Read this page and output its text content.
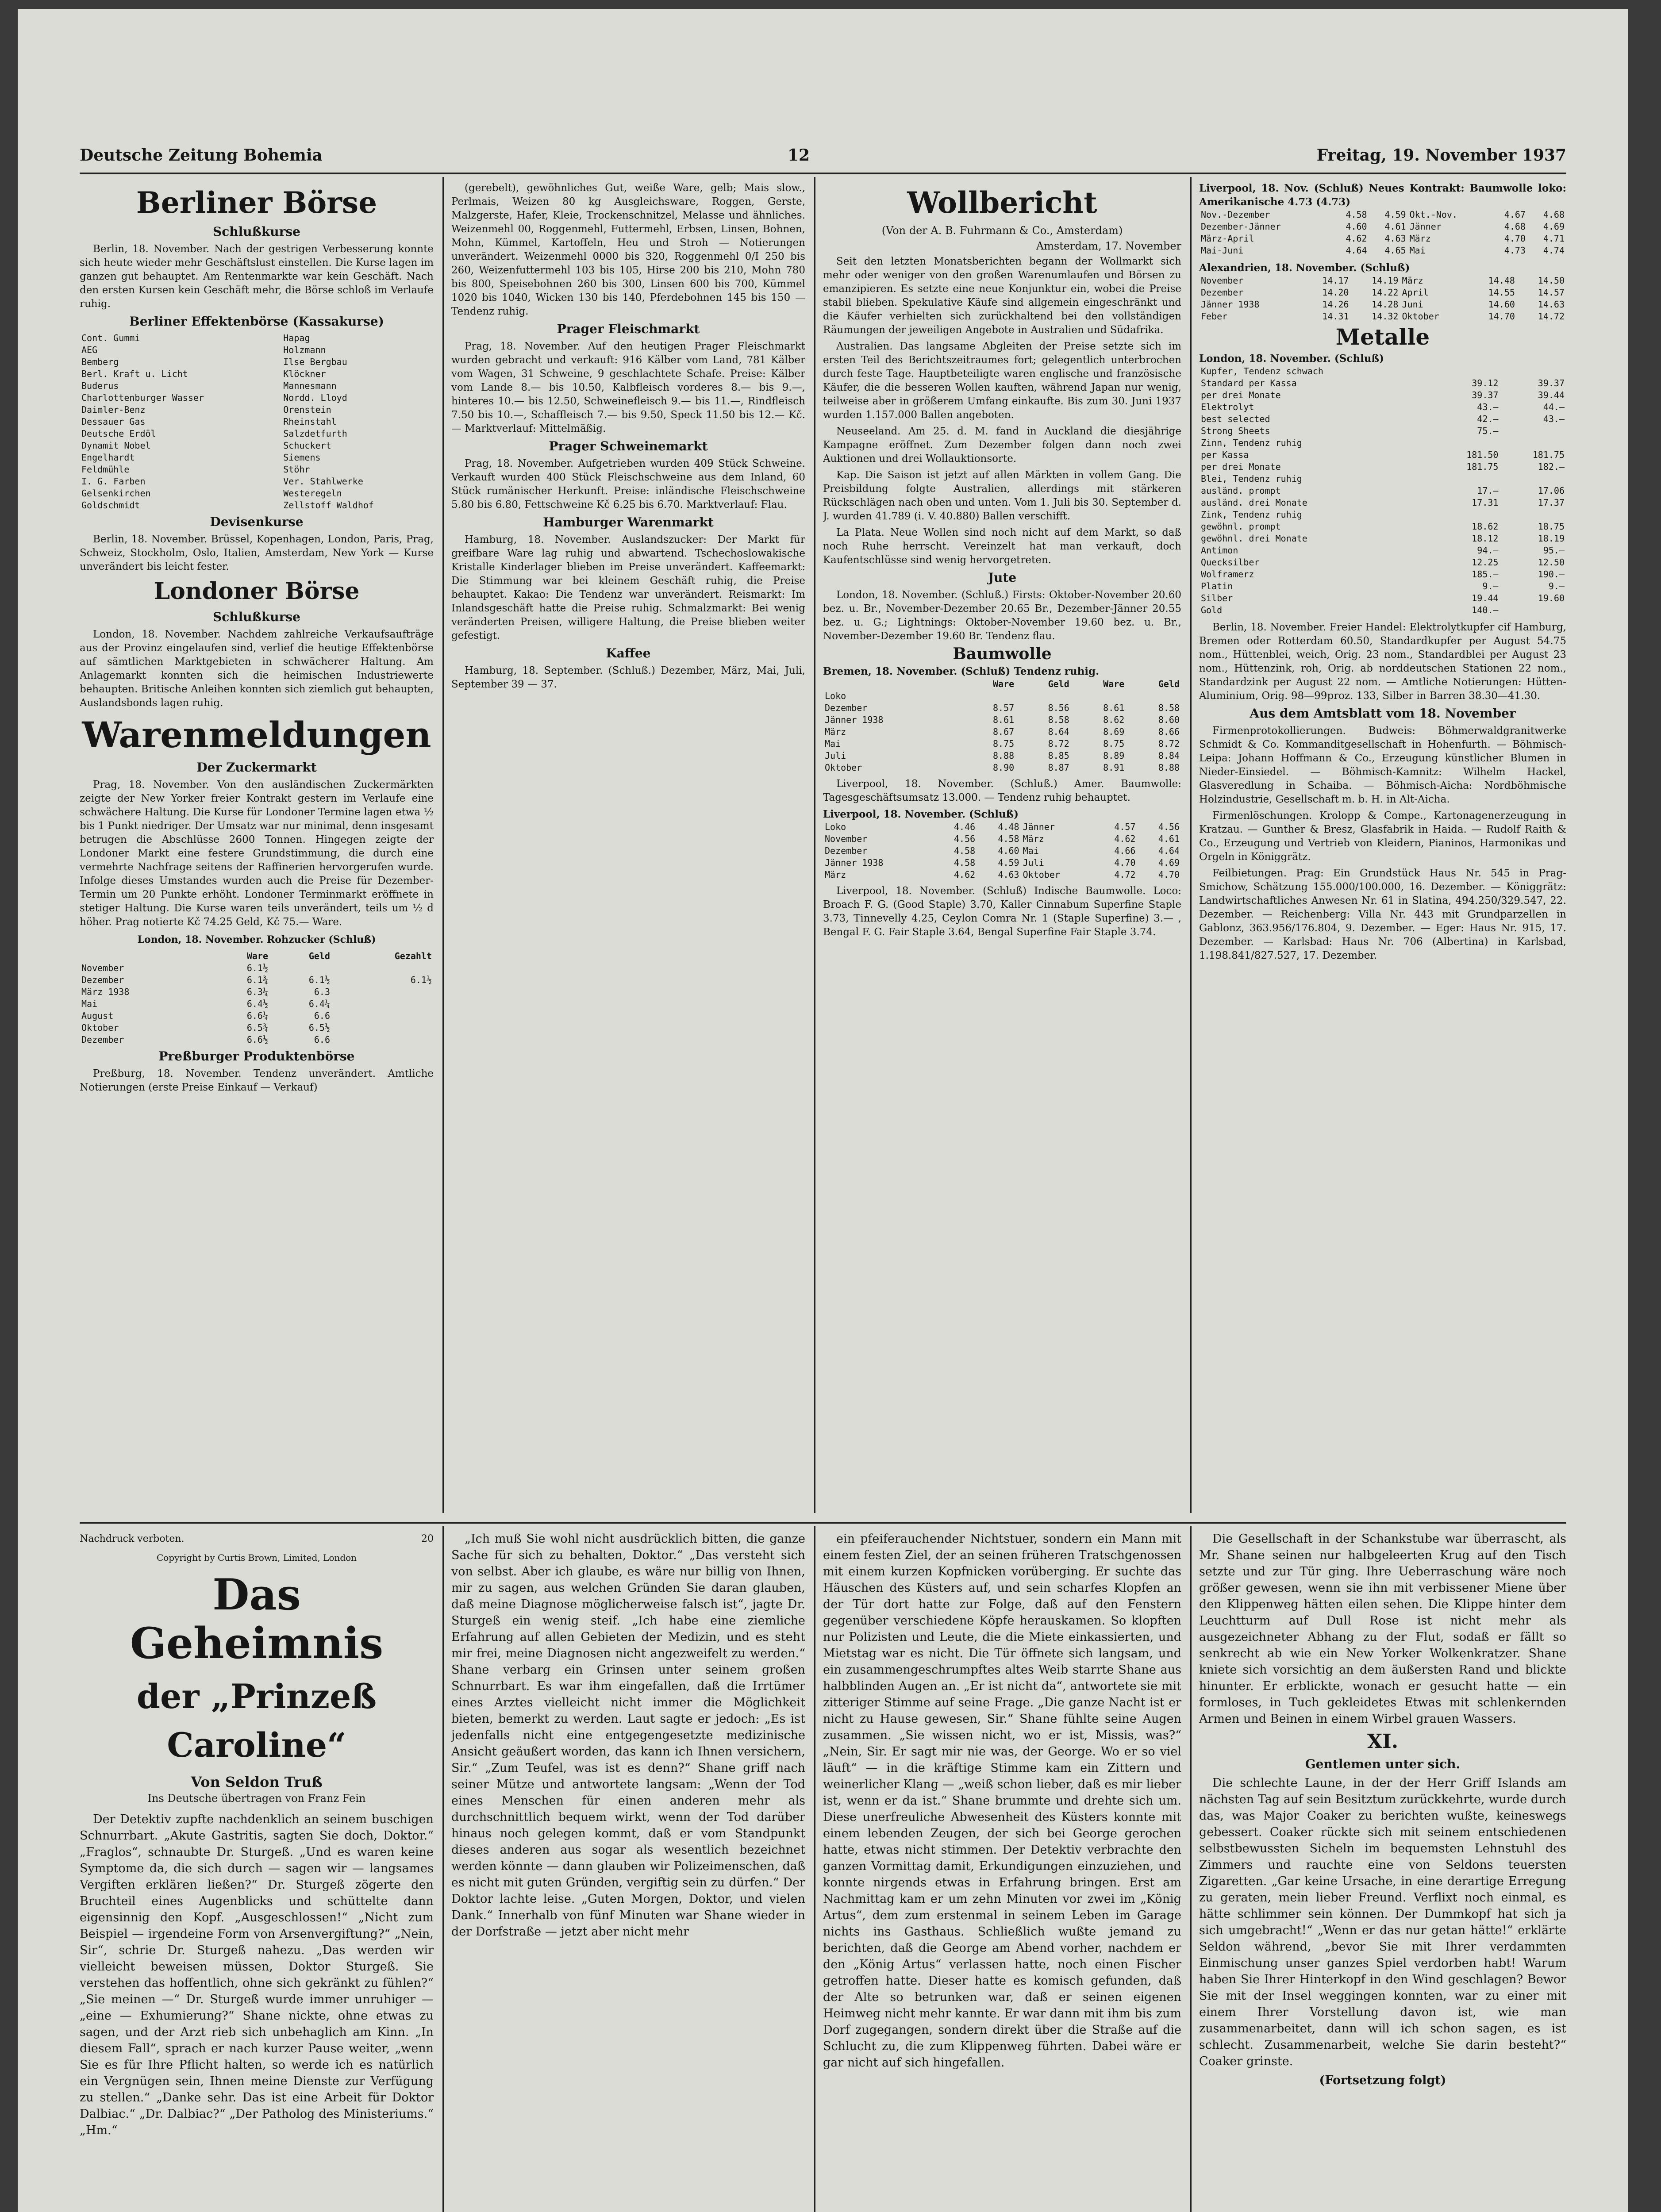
Deutsche Zeitung Bohemia	12	Freitag, 19. November 1937
Berliner Börse
Schlußkurse

Berlin, 18. November. Nach der gestrigen Verbesserung konnte sich heute wieder mehr Geschäftslust einstellen. Die Kurse lagen im ganzen gut behauptet. Am Rentenmarkte war kein Geschäft. Nach den ersten Kursen kein Geschäft mehr, die Börse schloß im Verlaufe ruhig.

Berliner Effektenbörse (Kassakurse)
Cont. Gummi		Hapag	
AEG		Holzmann	
Bemberg		Ilse Bergbau	
Berl. Kraft u. Licht		Klöckner	
Buderus		Mannesmann	
Charlottenburger Wasser		Nordd. Lloyd	
Daimler-Benz		Orenstein	
Dessauer Gas		Rheinstahl	
Deutsche Erdöl		Salzdetfurth	
Dynamit Nobel		Schuckert	
Engelhardt		Siemens	
Feldmühle		Stöhr	
I. G. Farben		Ver. Stahlwerke	
Gelsenkirchen		Westeregeln	
Goldschmidt		Zellstoff Waldhof	
Devisenkurse

Berlin, 18. November. Brüssel, Kopenhagen, London, Paris, Prag, Schweiz, Stockholm, Oslo, Italien, Amsterdam, New York — Kurse unverändert bis leicht fester.

Londoner Börse
Schlußkurse

London, 18. November. Nachdem zahlreiche Verkaufsaufträge aus der Provinz eingelaufen sind, verlief die heutige Effektenbörse auf sämtlichen Marktgebieten in schwächerer Haltung. Am Anlagemarkt konnten sich die heimischen Industriewerte behaupten. Britische Anleihen konnten sich ziemlich gut behaupten, Auslandsbonds lagen ruhig.

Warenmeldungen
Der Zuckermarkt

Prag, 18. November. Von den ausländischen Zuckermärkten zeigte der New Yorker freier Kontrakt gestern im Verlaufe eine schwächere Haltung. Die Kurse für Londoner Termine lagen etwa ½ bis 1 Punkt niedriger. Der Umsatz war nur minimal, denn insgesamt betrugen die Abschlüsse 2600 Tonnen. Hingegen zeigte der Londoner Markt eine festere Grundstimmung, die durch eine vermehrte Nachfrage seitens der Raffinerien hervorgerufen wurde. Infolge dieses Umstandes wurden auch die Preise für Dezember-Termin um 20 Punkte erhöht. Londoner Terminmarkt eröffnete in stetiger Haltung. Die Kurse waren teils unverändert, teils um ½ d höher. Prag notierte Kč 74.25 Geld, Kč 75.— Ware.

London, 18. November. Rohzucker (Schluß)
	Ware	Geld	Gezahlt
November	6.1½		
Dezember	6.1¾	6.1½	6.1½
März 1938	6.3¼	6.3	
Mai	6.4½	6.4¼	
August	6.6¼	6.6	
Oktober	6.5¾	6.5½	
Dezember	6.6½	6.6	
Preßburger Produktenbörse

Preßburg, 18. November. Tendenz unverändert. Amtliche Notierungen (erste Preise Einkauf — Verkauf)

(gerebelt), gewöhnliches Gut, weiße Ware, gelb; Mais slow., Perlmais, Weizen 80 kg Ausgleichsware, Roggen, Gerste, Malzgerste, Hafer, Kleie, Trockenschnitzel, Melasse und ähnliches. Weizenmehl 00, Roggenmehl, Futtermehl, Erbsen, Linsen, Bohnen, Mohn, Kümmel, Kartoffeln, Heu und Stroh — Notierungen unverändert. Weizenmehl 0000 bis 320, Roggenmehl 0/I 250 bis 260, Weizenfuttermehl 103 bis 105, Hirse 200 bis 210, Mohn 780 bis 800, Speisebohnen 260 bis 300, Linsen 600 bis 700, Kümmel 1020 bis 1040, Wicken 130 bis 140, Pferdebohnen 145 bis 150 — Tendenz ruhig.

Prager Fleischmarkt

Prag, 18. November. Auf den heutigen Prager Fleischmarkt wurden gebracht und verkauft: 916 Kälber vom Land, 781 Kälber vom Wagen, 31 Schweine, 9 geschlachtete Schafe. Preise: Kälber vom Lande 8.— bis 10.50, Kalbfleisch vorderes 8.— bis 9.—, hinteres 10.— bis 12.50, Schweinefleisch 9.— bis 11.—, Rindfleisch 7.50 bis 10.—, Schaffleisch 7.— bis 9.50, Speck 11.50 bis 12.— Kč. — Marktverlauf: Mittelmäßig.

Prager Schweinemarkt

Prag, 18. November. Aufgetrieben wurden 409 Stück Schweine. Verkauft wurden 400 Stück Fleischschweine aus dem Inland, 60 Stück rumänischer Herkunft. Preise: inländische Fleischschweine 5.80 bis 6.80, Fettschweine Kč 6.25 bis 6.70. Marktverlauf: Flau.

Hamburger Warenmarkt

Hamburg, 18. November. Auslandszucker: Der Markt für greifbare Ware lag ruhig und abwartend. Tschechoslowakische Kristalle Kinderlager blieben im Preise unverändert. Kaffeemarkt: Die Stimmung war bei kleinem Geschäft ruhig, die Preise behauptet. Kakao: Die Tendenz war unverändert. Reismarkt: Im Inlandsgeschäft hatte die Preise ruhig. Schmalzmarkt: Bei wenig veränderten Preisen, willigere Haltung, die Preise blieben weiter gefestigt.

Kaffee

Hamburg, 18. September. (Schluß.) Dezember, März, Mai, Juli, September 39 — 37.

Wollbericht
(Von der A. B. Fuhrmann & Co., Amsterdam)
Amsterdam, 17. November

Seit den letzten Monatsberichten begann der Wollmarkt sich mehr oder weniger von den großen Warenumlaufen und Börsen zu emanzipieren. Es setzte eine neue Konjunktur ein, wobei die Preise stabil blieben. Spekulative Käufe sind allgemein eingeschränkt und die Käufer verhielten sich zurückhaltend bei den vollständigen Räumungen der jeweiligen Angebote in Australien und Südafrika.

Australien. Das langsame Abgleiten der Preise setzte sich im ersten Teil des Berichtszeitraumes fort; gelegentlich unterbrochen durch feste Tage. Hauptbeteiligte waren englische und französische Käufer, die die besseren Wollen kauften, während Japan nur wenig, teilweise aber in größerem Umfang einkaufte. Bis zum 30. Juni 1937 wurden 1.157.000 Ballen angeboten.

Neuseeland. Am 25. d. M. fand in Auckland die diesjährige Kampagne eröffnet. Zum Dezember folgen dann noch zwei Auktionen und drei Wollauktionsorte.

Kap. Die Saison ist jetzt auf allen Märkten in vollem Gang. Die Preisbildung folgte Australien, allerdings mit stärkeren Rückschlägen nach oben und unten. Vom 1. Juli bis 30. September d. J. wurden 41.789 (i. V. 40.880) Ballen verschifft.

La Plata. Neue Wollen sind noch nicht auf dem Markt, so daß noch Ruhe herrscht. Vereinzelt hat man verkauft, doch Kaufentschlüsse sind wenig hervorgetreten.

Jute

London, 18. November. (Schluß.) Firsts: Oktober-November 20.60 bez. u. Br., November-Dezember 20.65 Br., Dezember-Jänner 20.55 bez. u. G.; Lightnings: Oktober-November 19.60 bez. u. Br., November-Dezember 19.60 Br. Tendenz flau.

Baumwolle
Bremen, 18. November. (Schluß) Tendenz ruhig.
	Ware	Geld	Ware	Geld
Loko				
Dezember	8.57	8.56	8.61	8.58
Jänner 1938	8.61	8.58	8.62	8.60
März	8.67	8.64	8.69	8.66
Mai	8.75	8.72	8.75	8.72
Juli	8.88	8.85	8.89	8.84
Oktober	8.90	8.87	8.91	8.88

Liverpool, 18. November. (Schluß.) Amer. Baumwolle: Tagesgeschäftsumsatz 13.000. — Tendenz ruhig behauptet.

Liverpool, 18. November. (Schluß)
Loko	4.46	4.48	Jänner	4.57	4.56
November	4.56	4.58	März	4.62	4.61
Dezember	4.58	4.60	Mai	4.66	4.64
Jänner 1938	4.58	4.59	Juli	4.70	4.69
März	4.62	4.63	Oktober	4.72	4.70

Liverpool, 18. November. (Schluß) Indische Baumwolle. Loco: Broach F. G. (Good Staple) 3.70, Kaller Cinnabum Superfine Staple 3.73, Tinnevelly 4.25, Ceylon Comra Nr. 1 (Staple Superfine) 3.— , Bengal F. G. Fair Staple 3.64, Bengal Superfine Fair Staple 3.74.

Liverpool, 18. Nov. (Schluß) Neues Kontrakt: Baumwolle loko: Amerikanische 4.73 (4.73)
Nov.-Dezember	4.58	4.59	Okt.-Nov.	4.67	4.68
Dezember-Jänner	4.60	4.61	Jänner	4.68	4.69
März-April	4.62	4.63	März	4.70	4.71
Mai-Juni	4.64	4.65	Mai	4.73	4.74
Alexandrien, 18. November. (Schluß)
November	14.17	14.19	März	14.48	14.50
Dezember	14.20	14.22	April	14.55	14.57
Jänner 1938	14.26	14.28	Juni	14.60	14.63
Feber	14.31	14.32	Oktober	14.70	14.72
Metalle
London, 18. November. (Schluß)
Kupfer, Tendenz schwach		
Standard per Kassa	39.12	39.37
per drei Monate	39.37	39.44
Elektrolyt	43.—	44.—
best selected	42.—	43.—
Strong Sheets	75.—	
Zinn, Tendenz ruhig		
per Kassa	181.50	181.75
per drei Monate	181.75	182.—
Blei, Tendenz ruhig		
ausländ. prompt	17.—	17.06
ausländ. drei Monate	17.31	17.37
Zink, Tendenz ruhig		
gewöhnl. prompt	18.62	18.75
gewöhnl. drei Monate	18.12	18.19
Antimon	94.—	95.—
Quecksilber	12.25	12.50
Wolframerz	185.—	190.—
Platin	9.—	9.—
Silber	19.44	19.60
Gold	140.—	

Berlin, 18. November. Freier Handel: Elektrolytkupfer cif Hamburg, Bremen oder Rotterdam 60.50, Standardkupfer per August 54.75 nom., Hüttenblei, weich, Orig. 23 nom., Standardblei per August 23 nom., Hüttenzink, roh, Orig. ab norddeutschen Stationen 22 nom., Standardzink per August 22 nom. — Amtliche Notierungen: Hütten-Aluminium, Orig. 98—99proz. 133, Silber in Barren 38.30—41.30.

Aus dem Amtsblatt vom 18. November

Firmenprotokollierungen. Budweis: Böhmerwaldgranitwerke Schmidt & Co. Kommanditgesellschaft in Hohenfurth. — Böhmisch-Leipa: Johann Hoffmann & Co., Erzeugung künstlicher Blumen in Nieder-Einsiedel. — Böhmisch-Kamnitz: Wilhelm Hackel, Glasveredlung in Schaiba. — Böhmisch-Aicha: Nordböhmische Holzindustrie, Gesellschaft m. b. H. in Alt-Aicha.

Firmenlöschungen. Krolopp & Compe., Kartonagenerzeugung in Kratzau. — Gunther & Bresz, Glasfabrik in Haida. — Rudolf Raith & Co., Erzeugung und Vertrieb von Kleidern, Pianinos, Harmonikas und Orgeln in Königgrätz.

Feilbietungen. Prag: Ein Grundstück Haus Nr. 545 in Prag-Smichow, Schätzung 155.000/100.000, 16. Dezember. — Königgrätz: Landwirtschaftliches Anwesen Nr. 61 in Slatina, 494.250/329.547, 22. Dezember. — Reichenberg: Villa Nr. 443 mit Grundparzellen in Gablonz, 363.956/176.804, 9. Dezember. — Eger: Haus Nr. 915, 17. Dezember. — Karlsbad: Haus Nr. 706 (Albertina) in Karlsbad, 1.198.841/827.527, 17. Dezember.

Nachdruck verboten.	20
Copyright by Curtis Brown, Limited, London
Das Geheimnis
der „Prinzeß Caroline“
Von Seldon Truß
Ins Deutsche übertragen von Franz Fein

Der Detektiv zupfte nachdenklich an seinem buschigen Schnurrbart. „Akute Gastritis, sagten Sie doch, Doktor.“ „Fraglos“, schnaubte Dr. Sturgeß. „Und es waren keine Symptome da, die sich durch — sagen wir — langsames Vergiften erklären ließen?“ Dr. Sturgeß zögerte den Bruchteil eines Augenblicks und schüttelte dann eigensinnig den Kopf. „Ausgeschlossen!“ „Nicht zum Beispiel — irgendeine Form von Arsenvergiftung?“ „Nein, Sir“, schrie Dr. Sturgeß nahezu. „Das werden wir vielleicht beweisen müssen, Doktor Sturgeß. Sie verstehen das hoffentlich, ohne sich gekränkt zu fühlen?“ „Sie meinen —“ Dr. Sturgeß wurde immer unruhiger — „eine — Exhumierung?“ Shane nickte, ohne etwas zu sagen, und der Arzt rieb sich unbehaglich am Kinn. „In diesem Fall“, sprach er nach kurzer Pause weiter, „wenn Sie es für Ihre Pflicht halten, so werde ich es natürlich ein Vergnügen sein, Ihnen meine Dienste zur Verfügung zu stellen.“ „Danke sehr. Das ist eine Arbeit für Doktor Dalbiac.“ „Dr. Dalbiac?“ „Der Patholog des Ministeriums.“ „Hm.“

„Ich muß Sie wohl nicht ausdrücklich bitten, die ganze Sache für sich zu behalten, Doktor.“ „Das versteht sich von selbst. Aber ich glaube, es wäre nur billig von Ihnen, mir zu sagen, aus welchen Gründen Sie daran glauben, daß meine Diagnose möglicherweise falsch ist“, jagte Dr. Sturgeß ein wenig steif. „Ich habe eine ziemliche Erfahrung auf allen Gebieten der Medizin, und es steht mir frei, meine Diagnosen nicht angezweifelt zu werden.“ Shane verbarg ein Grinsen unter seinem großen Schnurrbart. Es war ihm eingefallen, daß die Irrtümer eines Arztes vielleicht nicht immer die Möglichkeit bieten, bemerkt zu werden. Laut sagte er jedoch: „Es ist jedenfalls nicht eine entgegengesetzte medizinische Ansicht geäußert worden, das kann ich Ihnen versichern, Sir.“ „Zum Teufel, was ist es denn?“ Shane griff nach seiner Mütze und antwortete langsam: „Wenn der Tod eines Menschen für einen anderen mehr als durchschnittlich bequem wirkt, wenn der Tod darüber hinaus noch gelegen kommt, daß er vom Standpunkt dieses anderen aus sogar als wesentlich bezeichnet werden könnte — dann glauben wir Polizeimenschen, daß es nicht mit guten Gründen, vergiftig sein zu dürfen.“ Der Doktor lachte leise. „Guten Morgen, Doktor, und vielen Dank.“ Innerhalb von fünf Minuten war Shane wieder in der Dorfstraße — jetzt aber nicht mehr

ein pfeiferauchender Nichtstuer, sondern ein Mann mit einem festen Ziel, der an seinen früheren Tratschgenossen mit einem kurzen Kopfnicken vorüberging. Er suchte das Häuschen des Küsters auf, und sein scharfes Klopfen an der Tür dort hatte zur Folge, daß auf den Fenstern gegenüber verschiedene Köpfe herauskamen. So klopften nur Polizisten und Leute, die die Miete einkassierten, und Mietstag war es nicht. Die Tür öffnete sich langsam, und ein zusammengeschrumpftes altes Weib starrte Shane aus halbblinden Augen an. „Er ist nicht da“, antwortete sie mit zitteriger Stimme auf seine Frage. „Die ganze Nacht ist er nicht zu Hause gewesen, Sir.“ Shane fühlte seine Augen zusammen. „Sie wissen nicht, wo er ist, Missis, was?“ „Nein, Sir. Er sagt mir nie was, der George. Wo er so viel läuft“ — in die kräftige Stimme kam ein Zittern und weinerlicher Klang — „weiß schon lieber, daß es mir lieber ist, wenn er da ist.“ Shane brummte und drehte sich um. Diese unerfreuliche Abwesenheit des Küsters konnte mit einem lebenden Zeugen, der sich bei George gerochen hatte, etwas nicht stimmen. Der Detektiv verbrachte den ganzen Vormittag damit, Erkundigungen einzuziehen, und konnte nirgends etwas in Erfahrung bringen. Erst am Nachmittag kam er um zehn Minuten vor zwei im „König Artus“, dem zum erstenmal in seinem Leben im Garage nichts ins Gasthaus. Schließlich wußte jemand zu berichten, daß die George am Abend vorher, nachdem er den „König Artus“ verlassen hatte, noch einen Fischer getroffen hatte. Dieser hatte es komisch gefunden, daß der Alte so betrunken war, daß er seinen eigenen Heimweg nicht mehr kannte. Er war dann mit ihm bis zum Dorf zugegangen, sondern direkt über die Straße auf die Schlucht zu, die zum Klippenweg führten. Dabei wäre er gar nicht auf sich hingefallen.

Die Gesellschaft in der Schankstube war überrascht, als Mr. Shane seinen nur halbgeleerten Krug auf den Tisch setzte und zur Tür ging. Ihre Ueberraschung wäre noch größer gewesen, wenn sie ihn mit verbissener Miene über den Klippenweg hätten eilen sehen. Die Klippe hinter dem Leuchtturm auf Dull Rose ist nicht mehr als ausgezeichneter Abhang zu der Flut, sodaß er fällt so senkrecht ab wie ein New Yorker Wolkenkratzer. Shane kniete sich vorsichtig an dem äußersten Rand und blickte hinunter. Er erblickte, wonach er gesucht hatte — ein formloses, in Tuch gekleidetes Etwas mit schlenkernden Armen und Beinen in einem Wirbel grauen Wassers.

XI.
Gentlemen unter sich.

Die schlechte Laune, in der der Herr Griff Islands am nächsten Tag auf sein Besitztum zurückkehrte, wurde durch das, was Major Coaker zu berichten wußte, keineswegs gebessert. Coaker rückte sich mit seinem entschiedenen selbstbewussten Sicheln im bequemsten Lehnstuhl des Zimmers und rauchte eine von Seldons teuersten Zigaretten. „Gar keine Ursache, in eine derartige Erregung zu geraten, mein lieber Freund. Verflixt noch einmal, es hätte schlimmer sein können. Der Dummkopf hat sich ja sich umgebracht!“ „Wenn er das nur getan hätte!“ erklärte Seldon während, „bevor Sie mit Ihrer verdammten Einmischung unser ganzes Spiel verdorben habt! Warum haben Sie Ihrer Hinterkopf in den Wind geschlagen? Bewor Sie mit der Insel weggingen konnten, war zu einer mit einem Ihrer Vorstellung davon ist, wie man zusammenarbeitet, dann will ich schon sagen, es ist schlecht. Zusammenarbeit, welche Sie darin besteht?“ Coaker grinste.

(Fortsetzung folgt)
